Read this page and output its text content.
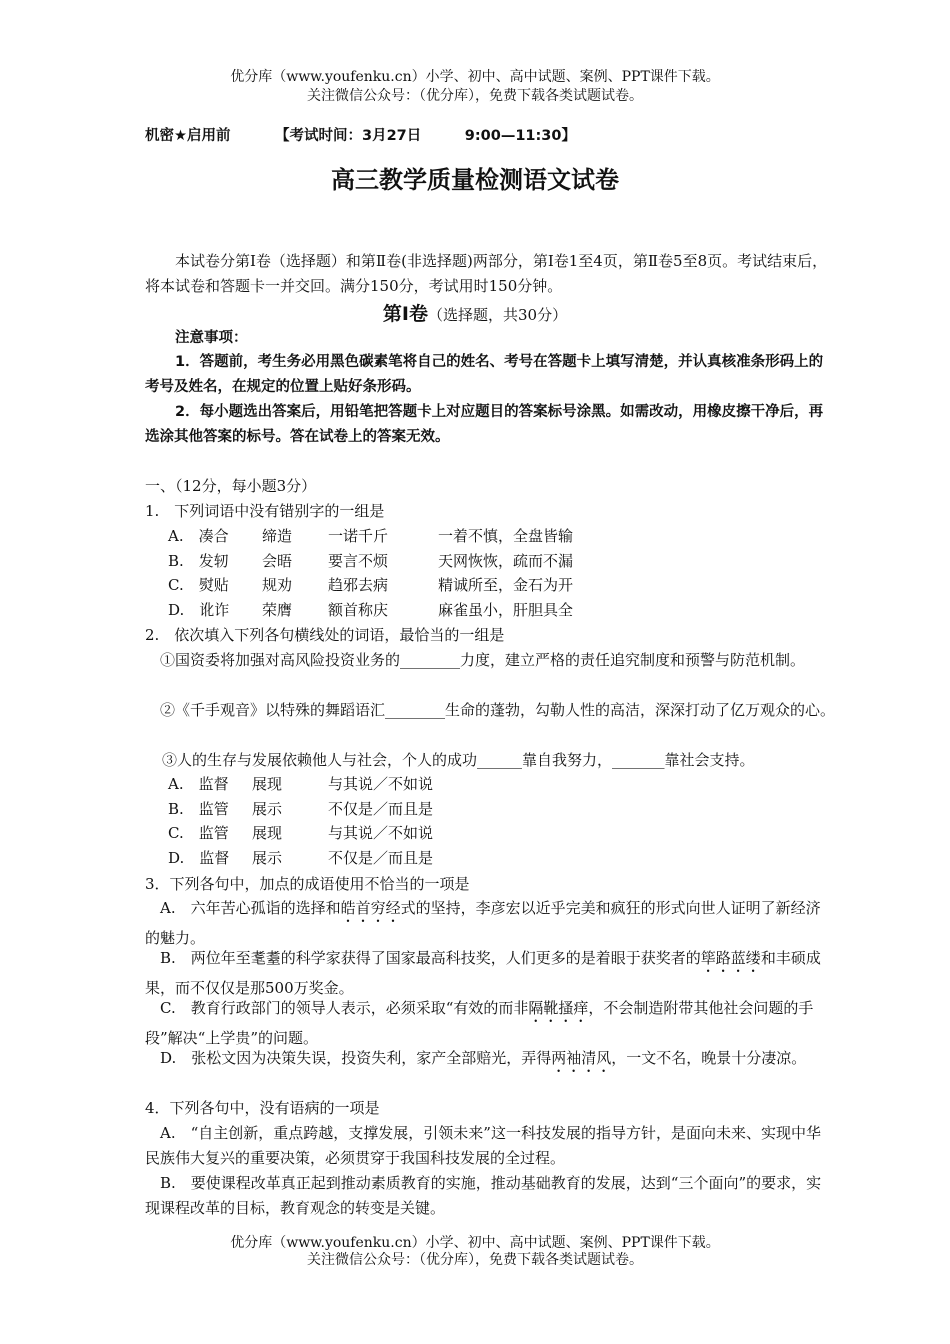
优分库（www.youfenku.cn）小学、初中、高中试题、案例、PPT课件下载。
关注微信公众号：（优分库），免费下载各类试题试卷。
机密★启用前	【考试时间：3月27日　　　9:00—11:30】
高三教学质量检测语文试卷
本试卷分第Ⅰ卷（选择题）和第Ⅱ卷(非选择题)两部分，第Ⅰ卷1至4页，第Ⅱ卷5至8页。考试结束后，将本试卷和答题卡一并交回。满分150分，考试用时150分钟。
第Ⅰ卷（选择题，共30分）
注意事项：
1．答题前，考生务必用黑色碳素笔将自己的姓名、考号在答题卡上填写清楚，并认真核准条形码上的考号及姓名，在规定的位置上贴好条形码。
2．每小题选出答案后，用铅笔把答题卡上对应题目的答案标号涂黑。如需改动，用橡皮擦干净后，再选涂其他答案的标号。答在试卷上的答案无效。
一、（12分，每小题3分）
1.　下列词语中没有错别字的一组是
A.　凑合 缔造 一诺千斤	一着不慎，全盘皆输
B.　发轫 会晤 要言不烦	天网恢恢，疏而不漏
C.　熨贴 规劝 趋邪去病	精诚所至，金石为开
D.　讹诈 荣膺 额首称庆	麻雀虽小，肝胆具全
2.　依次填入下列各句横线处的词语，最恰当的一组是
①国资委将加强对高风险投资业务的________力度，建立严格的责任追究制度和预警与防范机制。
②《千手观音》以特殊的舞蹈语汇________生命的蓬勃，勾勒人性的高洁，深深打动了亿万观众的心。
③人的生存与发展依赖他人与社会，个人的成功______靠自我努力，_______靠社会支持。
A.　监督 展现	与其说／不如说
B.　监管 展示	不仅是／而且是
C.　监管 展现	与其说／不如说
D.　监督 展示	不仅是／而且是
3．下列各句中，加点的成语使用不恰当的一项是
A.　六年苦心孤诣的选择和皓首穷经式的坚持，李彦宏以近乎完美和疯狂的形式向世人证明了新经济的魅力。
B.　两位年至耄耋的科学家获得了国家最高科技奖，人们更多的是着眼于获奖者的筚路蓝缕和丰硕成果，而不仅仅是那500万奖金。
C.　教育行政部门的领导人表示，必须采取“有效的而非隔靴搔痒，不会制造附带其他社会问题的手段”解决“上学贵”的问题。
D.　张松文因为决策失误，投资失利，家产全部赔光，弄得两袖清风，一文不名，晚景十分凄凉。
4．下列各句中，没有语病的一项是
A.　“自主创新，重点跨越，支撑发展，引领未来”这一科技发展的指导方针，是面向未来、实现中华民族伟大复兴的重要决策，必须贯穿于我国科技发展的全过程。
B.　要使课程改革真正起到推动素质教育的实施，推动基础教育的发展，达到“三个面向”的要求，实现课程改革的目标，教育观念的转变是关键。
优分库（www.youfenku.cn）小学、初中、高中试题、案例、PPT课件下载。
关注微信公众号：（优分库），免费下载各类试题试卷。
